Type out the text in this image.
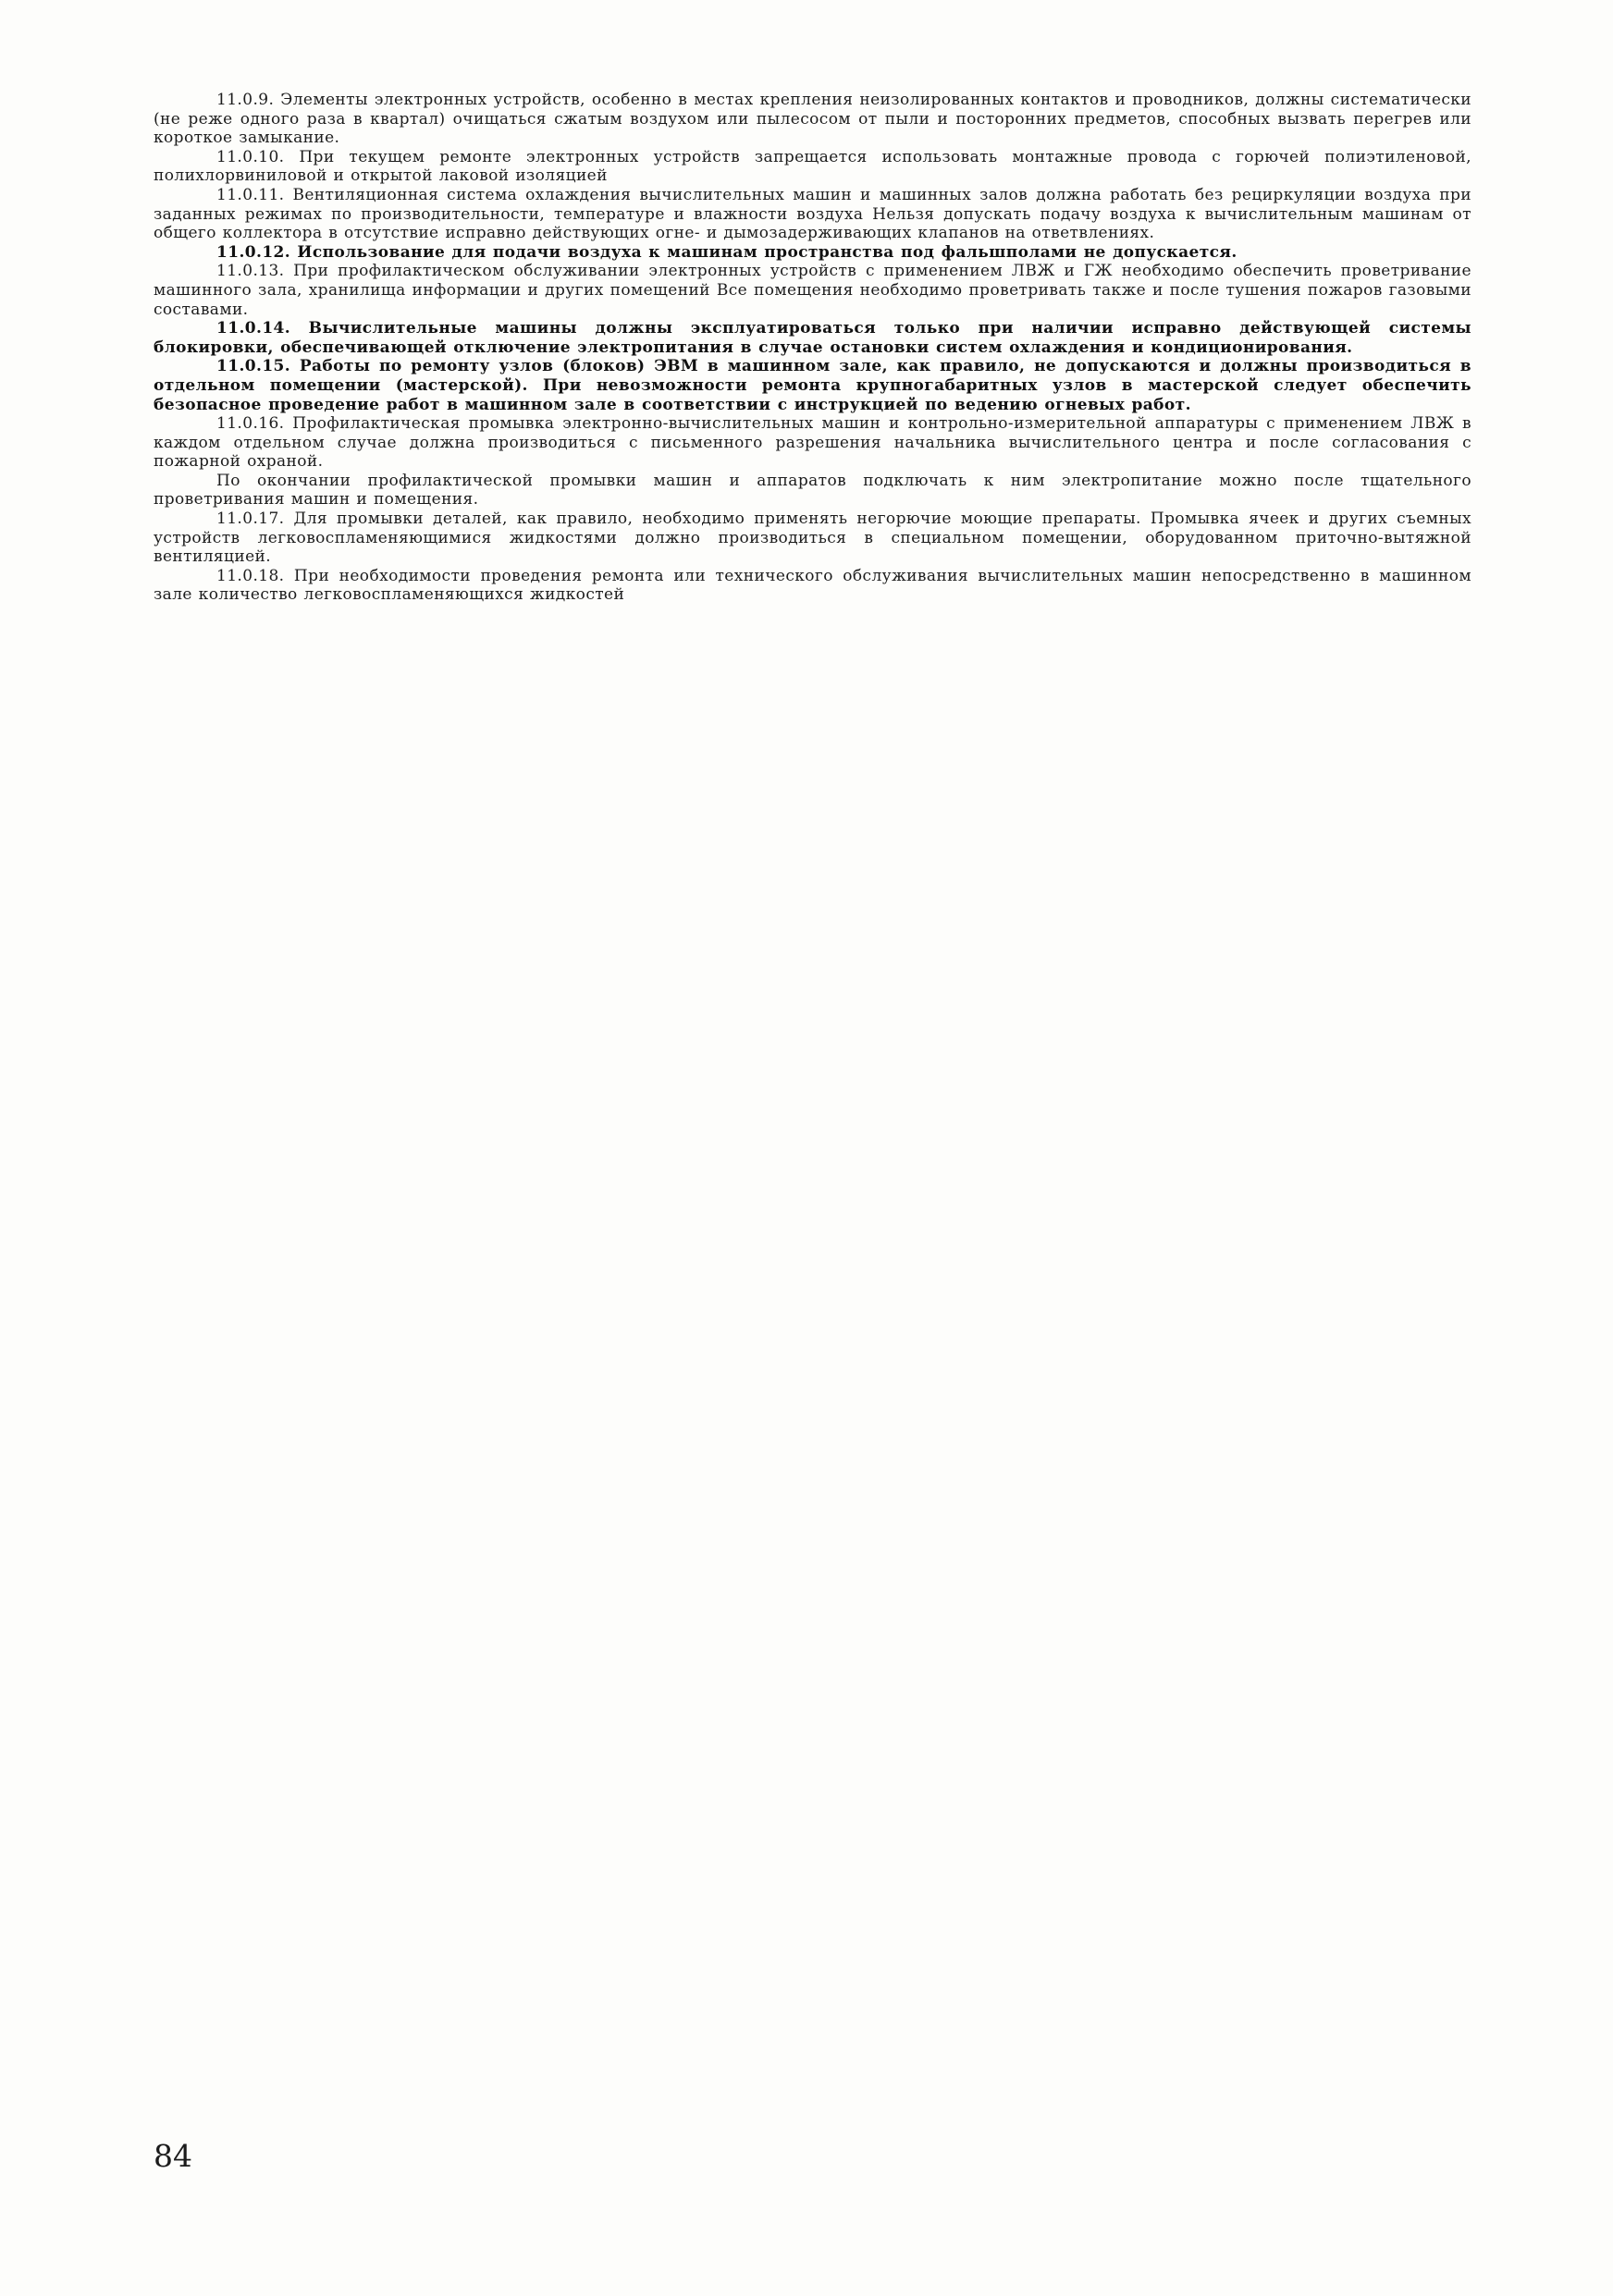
11.0.9. Элементы электронных устройств, особенно в местах крепления неизолированных контактов и проводников, должны систематически (не реже одного раза в квартал) очищаться сжатым воздухом или пылесосом от пыли и посторонних предметов, способных вызвать перегрев или короткое замыкание.

11.0.10. При текущем ремонте электронных устройств запрещается использовать монтажные провода с горючей полиэтиленовой, полихлорвиниловой и открытой лаковой изоляцией

11.0.11. Вентиляционная система охлаждения вычислительных машин и машинных залов должна работать без рециркуляции воздуха при заданных режимах по производительности, температуре и влажности воздуха Нельзя допускать подачу воздуха к вычислительным машинам от общего коллектора в отсутствие исправно действующих огне- и дымозадерживающих клапанов на ответвлениях.

11.0.12. Использование для подачи воздуха к машинам пространства под фальшполами не допускается.

11.0.13. При профилактическом обслуживании электронных устройств с применением ЛВЖ и ГЖ необходимо обеспечить проветривание машинного зала, хранилища информации и других помещений Все помещения необходимо проветривать также и после тушения пожаров газовыми составами.

11.0.14. Вычислительные машины должны эксплуатироваться только при наличии исправно действующей системы блокировки, обеспечивающей отключение электропитания в случае остановки систем охлаждения и кондиционирования.

11.0.15. Работы по ремонту узлов (блоков) ЭВМ в машинном зале, как правило, не допускаются и должны производиться в отдельном помещении (мастерской). При невозможности ремонта крупногабаритных узлов в мастерской следует обеспечить безопасное проведение работ в машинном зале в соответствии с инструкцией по ведению огневых работ.

11.0.16. Профилактическая промывка электронно-вычислительных машин и контрольно-измерительной аппаратуры с применением ЛВЖ в каждом отдельном случае должна производиться с письменного разрешения начальника вычислительного центра и после согласования с пожарной охраной.

По окончании профилактической промывки машин и аппаратов подключать к ним электропитание можно после тщательного проветривания машин и помещения.

11.0.17. Для промывки деталей, как правило, необходимо применять негорючие моющие препараты. Промывка ячеек и других съемных устройств легковоспламеняющимися жидкостями должно производиться в специальном помещении, оборудованном приточно-вытяжной вентиляцией.

11.0.18. При необходимости проведения ремонта или технического обслуживания вычислительных машин непосредственно в машинном зале количество легковоспламеняющихся жидкостей

84
